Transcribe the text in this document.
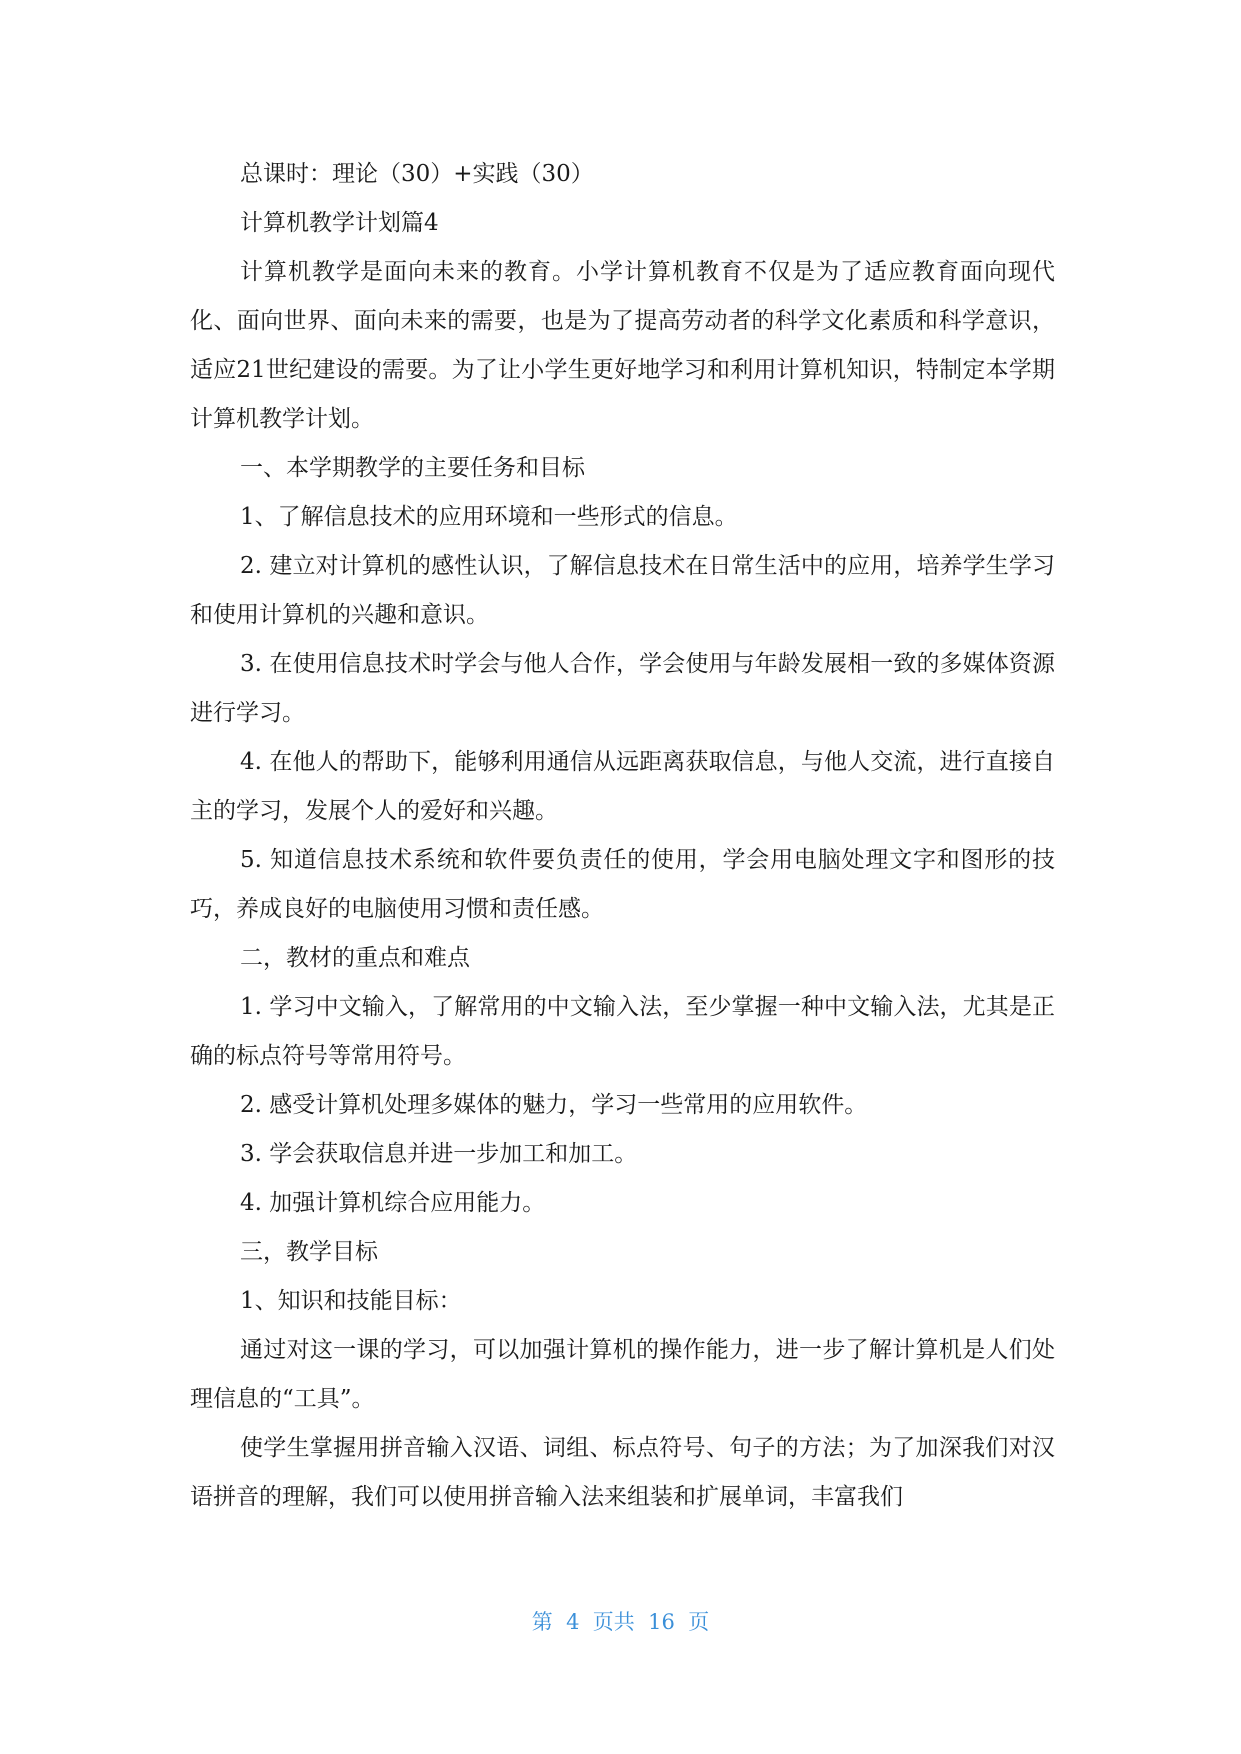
总课时：理论（30）+实践（30）

计算机教学计划篇4

计算机教学是面向未来的教育。小学计算机教育不仅是为了适应教育面向现代化、面向世界、面向未来的需要，也是为了提高劳动者的科学文化素质和科学意识，适应21世纪建设的需要。为了让小学生更好地学习和利用计算机知识，特制定本学期计算机教学计划。

一、本学期教学的主要任务和目标

1、了解信息技术的应用环境和一些形式的信息。

2. 建立对计算机的感性认识，了解信息技术在日常生活中的应用，培养学生学习和使用计算机的兴趣和意识。

3. 在使用信息技术时学会与他人合作，学会使用与年龄发展相一致的多媒体资源进行学习。

4. 在他人的帮助下，能够利用通信从远距离获取信息，与他人交流，进行直接自主的学习，发展个人的爱好和兴趣。

5. 知道信息技术系统和软件要负责任的使用，学会用电脑处理文字和图形的技巧，养成良好的电脑使用习惯和责任感。

二，教材的重点和难点

1. 学习中文输入，了解常用的中文输入法，至少掌握一种中文输入法，尤其是正确的标点符号等常用符号。

2. 感受计算机处理多媒体的魅力，学习一些常用的应用软件。

3. 学会获取信息并进一步加工和加工。

4. 加强计算机综合应用能力。

三，教学目标

1、知识和技能目标：

通过对这一课的学习，可以加强计算机的操作能力，进一步了解计算机是人们处理信息的“工具”。

使学生掌握用拼音输入汉语、词组、标点符号、句子的方法；为了加深我们对汉语拼音的理解，我们可以使用拼音输入法来组装和扩展单词，丰富我们

第  4  页共  16  页
